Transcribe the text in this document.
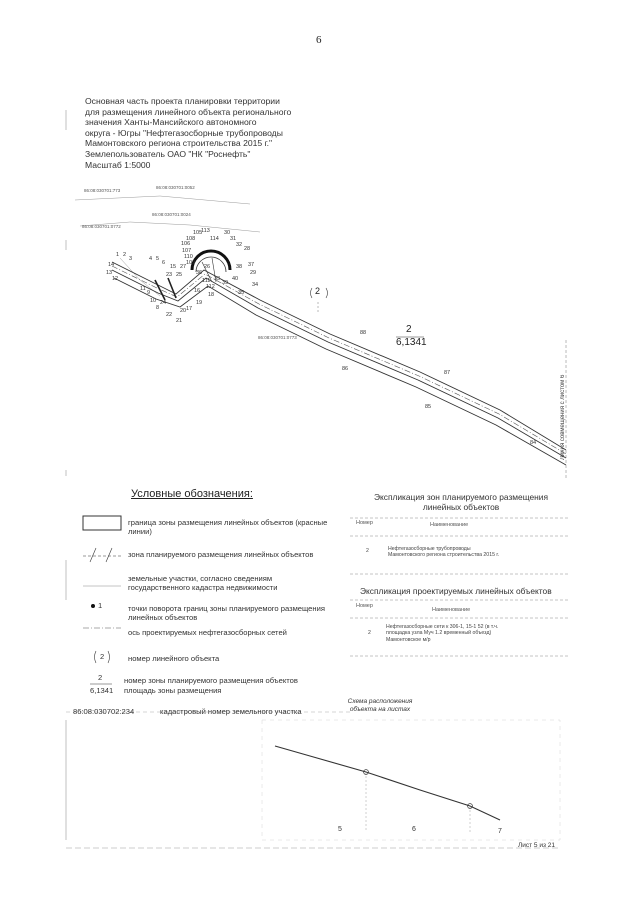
6
Основная часть проекта планировки территории
для размещения линейного объекта регионального
значения Ханты-Мансийского автономного
округа - Югры "Нефтегазосборные трубопроводы
Мамонтовского региона строительства 2015 г."
Землепользователь ОАО "НК "Роснефть"
Масштаб 1:5000
86:08:030701:773
86:08:030701:0052
86:08:030701:0024
86:08:030701:0772
86:08:030701:0773
1 2
3	4 5
6
14
13
12
11
9
10
8
15 27
23 25
22
20
21
16
19
111
112
108
106
107
110
109
105
113
114
30
31
32
28
37
38
29
34
39
40
33
36
26
18
17
24
35
88
86
87
85
84
2
2
6,1341
Линия совмещения с листом 6
Условные обозначения:
граница зоны размещения линейных объектов (красные линии)
зона планируемого размещения линейных объектов
земельные участки, согласно сведениям государственного кадастра недвижимости
1	точки поворота границ зоны планируемого размещения линейных объектов
ось проектируемых нефтегазосборных сетей
2	номер линейного объекта
2
6,1341
номер зоны планируемого размещения объектов
площадь зоны размещения
86:08:030702:234	кадастровый номер земельного участка
Экспликация зон планируемого размещения линейных объектов
Номер	Наименование
2	Нефтегазосборные трубопроводы Мамонтовского региона строительства 2015 г.
Экспликация проектируемых линейных объектов
Номер
Наименование
2
Нефтегазосборные сети к 306-1, 15-1 52 (в т.ч. площадка узла Муч 1.2 временный объезд) Мамонтовское м/р
Схема расположения объекта на листах
5	6	7
Лист 5 из 21
